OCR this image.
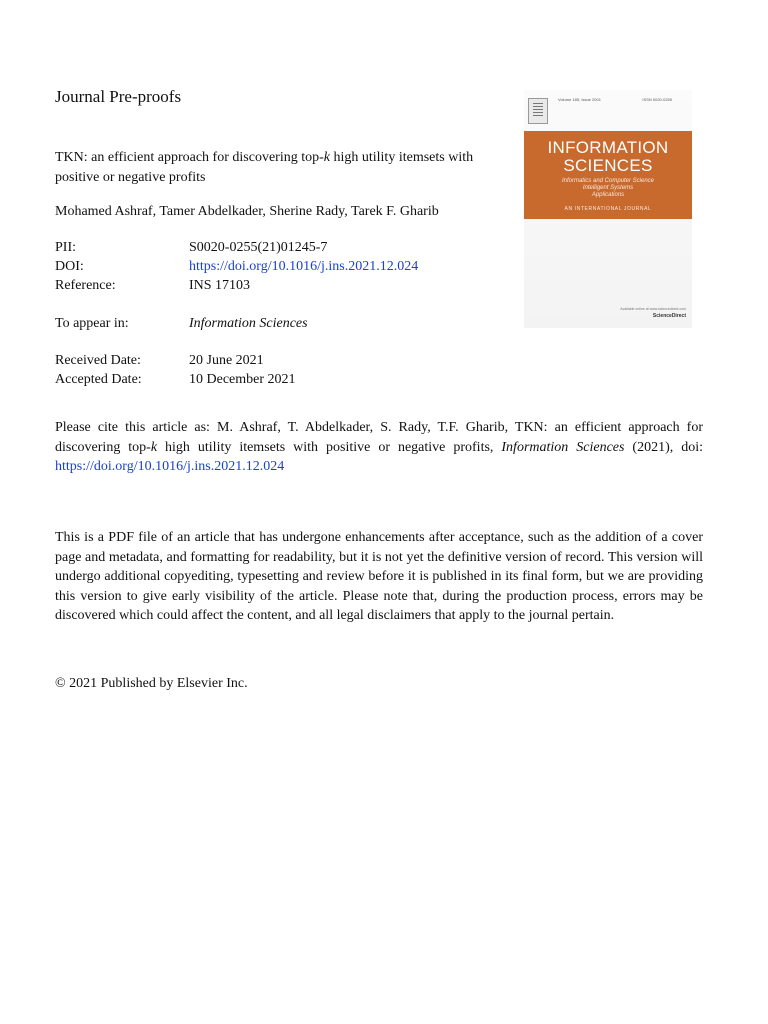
Journal Pre-proofs
TKN: an efficient approach for discovering top-k high utility itemsets with positive or negative profits
Mohamed Ashraf, Tamer Abdelkader, Sherine Rady, Tarek F. Gharib
PII:	S0020-0255(21)01245-7
DOI:	https://doi.org/10.1016/j.ins.2021.12.024
Reference:	INS 17103
To appear in:	Information Sciences
Received Date:	20 June 2021
Accepted Date:	10 December 2021
Please cite this article as: M. Ashraf, T. Abdelkader, S. Rady, T.F. Gharib, TKN: an efficient approach for discovering top-k high utility itemsets with positive or negative profits, Information Sciences (2021), doi: https://doi.org/10.1016/j.ins.2021.12.024
This is a PDF file of an article that has undergone enhancements after acceptance, such as the addition of a cover page and metadata, and formatting for readability, but it is not yet the definitive version of record. This version will undergo additional copyediting, typesetting and review before it is published in its final form, but we are providing this version to give early visibility of the article. Please note that, during the production process, errors may be discovered which could affect the content, and all legal disclaimers that apply to the journal pertain.
© 2021 Published by Elsevier Inc.
Volume 185, Issue 2001	ISSN 0020-0255
INFORMATION
SCIENCES
Informatics and Computer Science
Intelligent Systems
Applications
AN INTERNATIONAL JOURNAL
Available online at www.sciencedirect.com
ScienceDirect
